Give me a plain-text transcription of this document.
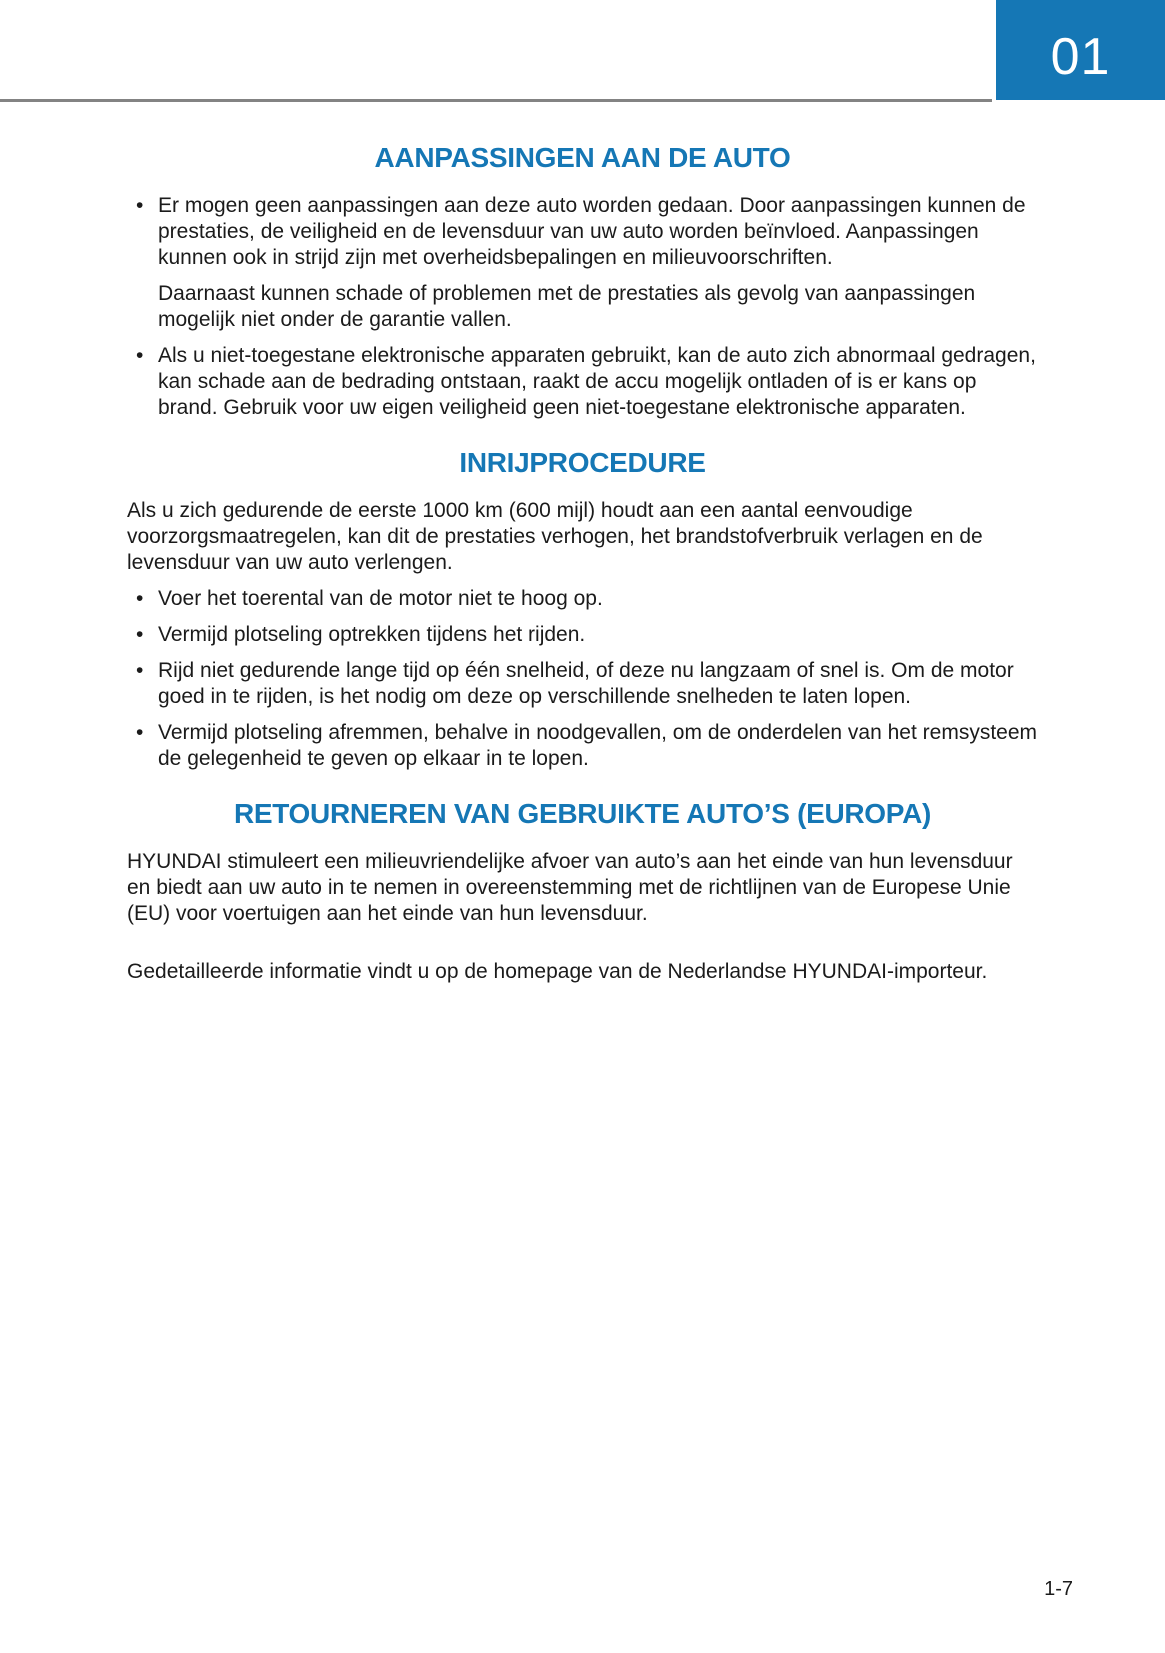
01
AANPASSINGEN AAN DE AUTO
• Er mogen geen aanpassingen aan deze auto worden gedaan. Door aanpassingen kunnen de prestaties, de veiligheid en de levensduur van uw auto worden beïnvloed. Aanpassingen kunnen ook in strijd zijn met overheidsbepalingen en milieuvoorschriften.

Daarnaast kunnen schade of problemen met de prestaties als gevolg van aanpassingen mogelijk niet onder de garantie vallen.

• Als u niet-toegestane elektronische apparaten gebruikt, kan de auto zich abnormaal gedragen, kan schade aan de bedrading ontstaan, raakt de accu mogelijk ontladen of is er kans op brand. Gebruik voor uw eigen veiligheid geen niet-toegestane elektronische apparaten.

INRIJPROCEDURE

Als u zich gedurende de eerste 1000 km (600 mijl) houdt aan een aantal eenvoudige voorzorgsmaatregelen, kan dit de prestaties verhogen, het brandstofverbruik verlagen en de levensduur van uw auto verlengen.

• Voer het toerental van de motor niet te hoog op.

• Vermijd plotseling optrekken tijdens het rijden.

• Rijd niet gedurende lange tijd op één snelheid, of deze nu langzaam of snel is. Om de motor goed in te rijden, is het nodig om deze op verschillende snelheden te laten lopen.

• Vermijd plotseling afremmen, behalve in noodgevallen, om de onderdelen van het remsysteem de gelegenheid te geven op elkaar in te lopen.

RETOURNEREN VAN GEBRUIKTE AUTO’S (EUROPA)

HYUNDAI stimuleert een milieuvriendelijke afvoer van auto’s aan het einde van hun levensduur en biedt aan uw auto in te nemen in overeenstemming met de richtlijnen van de Europese Unie (EU) voor voertuigen aan het einde van hun levensduur.

Gedetailleerde informatie vindt u op de homepage van de Nederlandse HYUNDAI-importeur.

1-7
